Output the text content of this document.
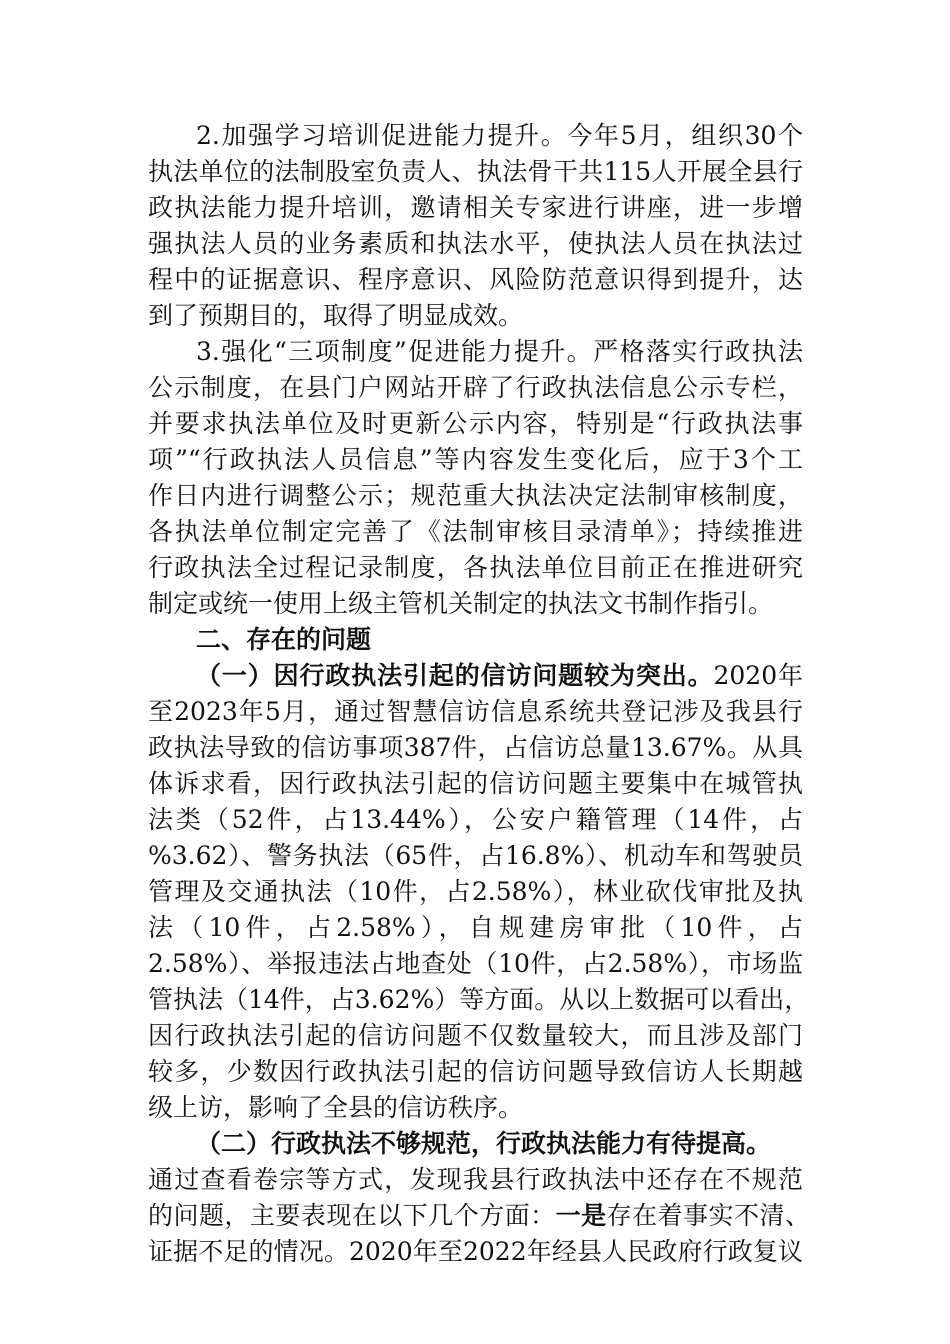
2.加强学习培训促进能力提升。今年5月，组织30个
执法单位的法制股室负责人、执法骨干共115人开展全县行
政执法能力提升培训，邀请相关专家进行讲座，进一步增
强执法人员的业务素质和执法水平，使执法人员在执法过
程中的证据意识、程序意识、风险防范意识得到提升，达
到了预期目的，取得了明显成效。
3.强化“三项制度”促进能力提升。严格落实行政执法
公示制度，在县门户网站开辟了行政执法信息公示专栏，
并要求执法单位及时更新公示内容，特别是“行政执法事
项”“行政执法人员信息”等内容发生变化后，应于3个工
作日内进行调整公示；规范重大执法决定法制审核制度，
各执法单位制定完善了《法制审核目录清单》；持续推进
行政执法全过程记录制度，各执法单位目前正在推进研究
制定或统一使用上级主管机关制定的执法文书制作指引。
二、存在的问题
（一）因行政执法引起的信访问题较为突出。2020年
至2023年5月，通过智慧信访信息系统共登记涉及我县行
政执法导致的信访事项387件，占信访总量13.67%。从具
体诉求看，因行政执法引起的信访问题主要集中在城管执
法类（52件，占13.44%），公安户籍管理（14件，占
%3.62）、警务执法（65件，占16.8%）、机动车和驾驶员
管理及交通执法（10件，占2.58%），林业砍伐审批及执
法（10件，占2.58%），自规建房审批（10件，占
2.58%）、举报违法占地查处（10件，占2.58%），市场监
管执法（14件，占3.62%）等方面。从以上数据可以看出，
因行政执法引起的信访问题不仅数量较大，而且涉及部门
较多，少数因行政执法引起的信访问题导致信访人长期越
级上访，影响了全县的信访秩序。
（二）行政执法不够规范，行政执法能力有待提高。
通过查看卷宗等方式，发现我县行政执法中还存在不规范
的问题，主要表现在以下几个方面：一是存在着事实不清、
证据不足的情况。2020年至2022年经县人民政府行政复议
